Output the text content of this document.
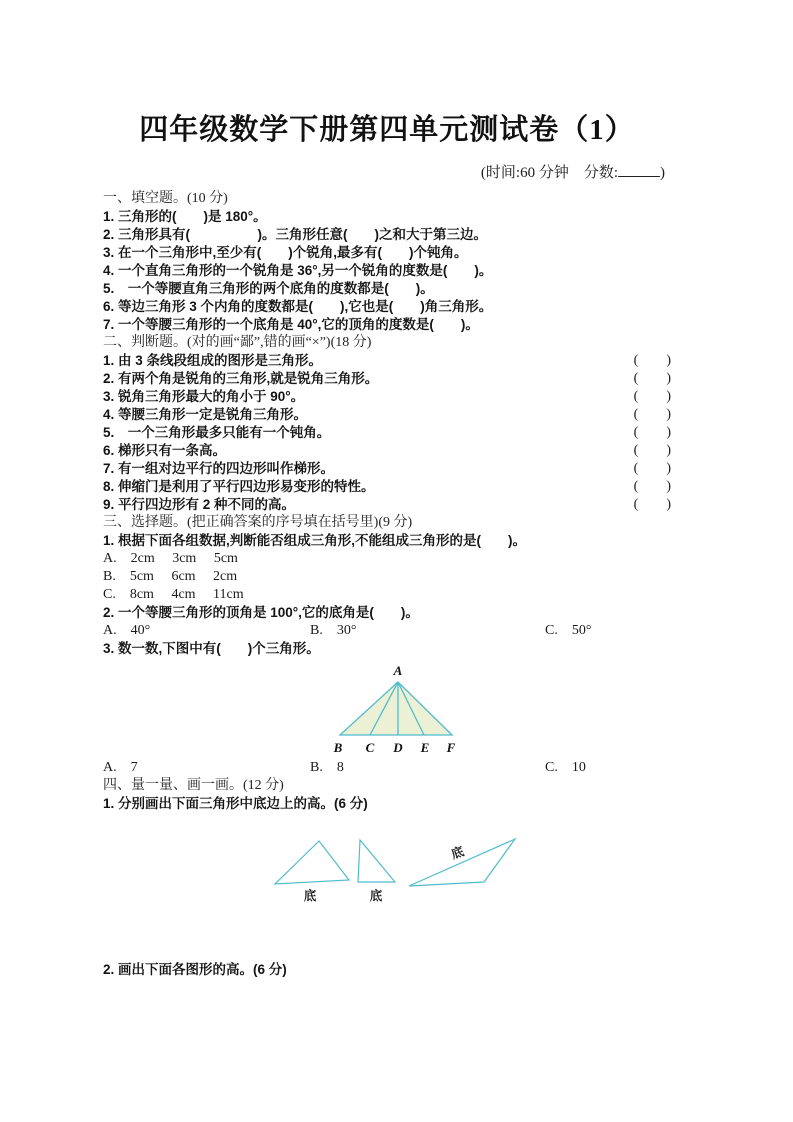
四年级数学下册第四单元测试卷（1）
(时间:60 分钟　分数:	)
一、填空题。(10 分)
1. 三角形的(　　)是 180°。
2. 三角形具有(　　　　　)。三角形任意(　　)之和大于第三边。
3. 在一个三角形中,至少有(　　)个锐角,最多有(　　)个钝角。
4. 一个直角三角形的一个锐角是 36°,另一个锐角的度数是(　　)。
5.　一个等腰直角三角形的两个底角的度数都是(　　)。
6. 等边三角形 3 个内角的度数都是(　　),它也是(　　)角三角形。
7. 一个等腰三角形的一个底角是 40°,它的顶角的度数是(　　)。
二、判断题。(对的画“鄙”,错的画“×”)(18 分)
1. 由 3 条线段组成的图形是三角形。	(　　)
2. 有两个角是锐角的三角形,就是锐角三角形。	(　　)
3. 锐角三角形最大的角小于 90°。	(　　)
4. 等腰三角形一定是锐角三角形。	(　　)
5.　一个三角形最多只能有一个钝角。	(　　)
6. 梯形只有一条高。	(　　)
7. 有一组对边平行的四边形叫作梯形。	(　　)
8. 伸缩门是利用了平行四边形易变形的特性。	(　　)
9. 平行四边形有 2 种不同的高。	(　　)
三、选择题。(把正确答案的序号填在括号里)(9 分)
1. 根据下面各组数据,判断能否组成三角形,不能组成三角形的是(　　)。
A.　2cm　 3cm　 5cm
B.　5cm　 6cm　 2cm
C.　8cm　 4cm　 11cm
2. 一个等腰三角形的顶角是 100°,它的底角是(　　)。
A.　40°	B.　30°	C.　50°
3. 数一数,下图中有(　　)个三角形。
A
B C D E F
A.　7	B.　8	C.　10
四、量一量、画一画。(12 分)
1. 分别画出下面三角形中底边上的高。(6 分)
底	底
底
2. 画出下面各图形的高。(6 分)
